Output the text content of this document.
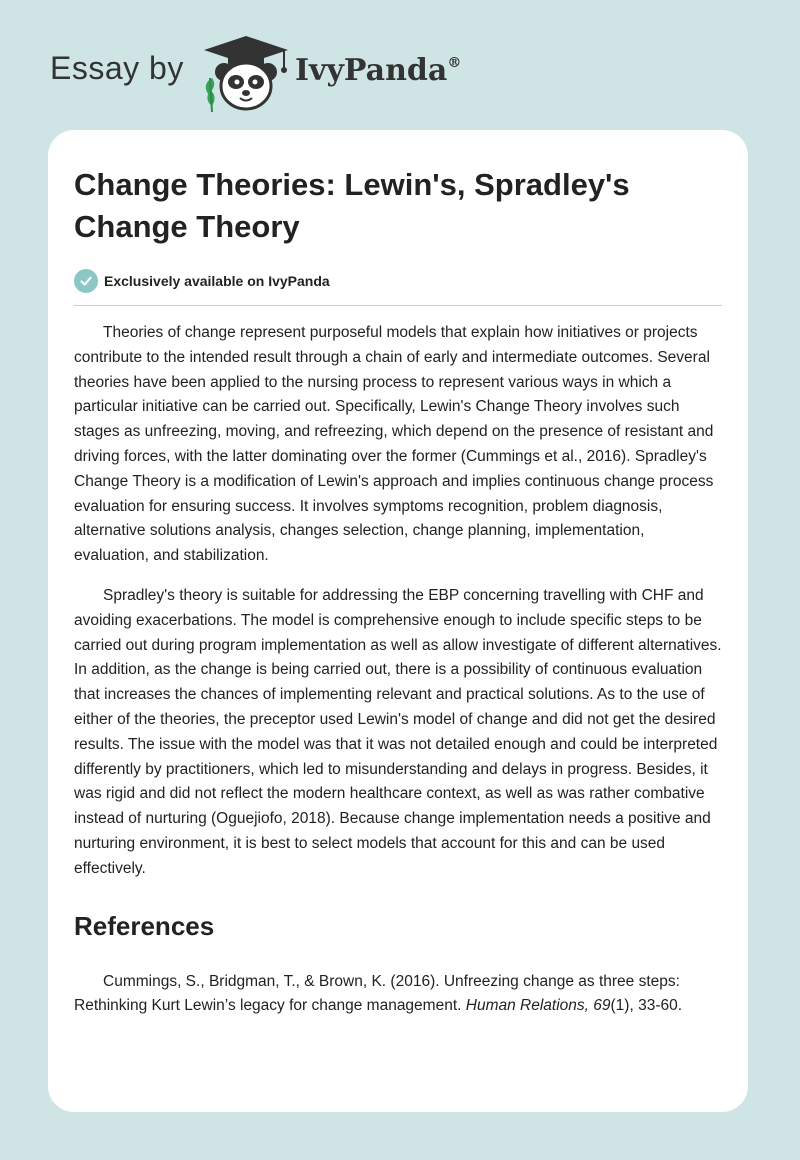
Essay by	IvyPanda®
Change Theories: Lewin's, Spradley's Change Theory
Exclusively available on IvyPanda

Theories of change represent purposeful models that explain how initiatives or projects contribute to the intended result through a chain of early and intermediate outcomes. Several theories have been applied to the nursing process to represent various ways in which a particular initiative can be carried out. Specifically, Lewin's Change Theory involves such stages as unfreezing, moving, and refreezing, which depend on the presence of resistant and driving forces, with the latter dominating over the former (Cummings et al., 2016). Spradley's Change Theory is a modification of Lewin's approach and implies continuous change process evaluation for ensuring success. It involves symptoms recognition, problem diagnosis, alternative solutions analysis, changes selection, change planning, implementation, evaluation, and stabilization.

Spradley's theory is suitable for addressing the EBP concerning travelling with CHF and avoiding exacerbations. The model is comprehensive enough to include specific steps to be carried out during program implementation as well as allow investigate of different alternatives. In addition, as the change is being carried out, there is a possibility of continuous evaluation that increases the chances of implementing relevant and practical solutions. As to the use of either of the theories, the preceptor used Lewin's model of change and did not get the desired results. The issue with the model was that it was not detailed enough and could be interpreted differently by practitioners, which led to misunderstanding and delays in progress. Besides, it was rigid and did not reflect the modern healthcare context, as well as was rather combative instead of nurturing (Oguejiofo, 2018). Because change implementation needs a positive and nurturing environment, it is best to select models that account for this and can be used effectively.

References

Cummings, S., Bridgman, T., & Brown, K. (2016). Unfreezing change as three steps: Rethinking Kurt Lewin’s legacy for change management. Human Relations, 69(1), 33-60.
